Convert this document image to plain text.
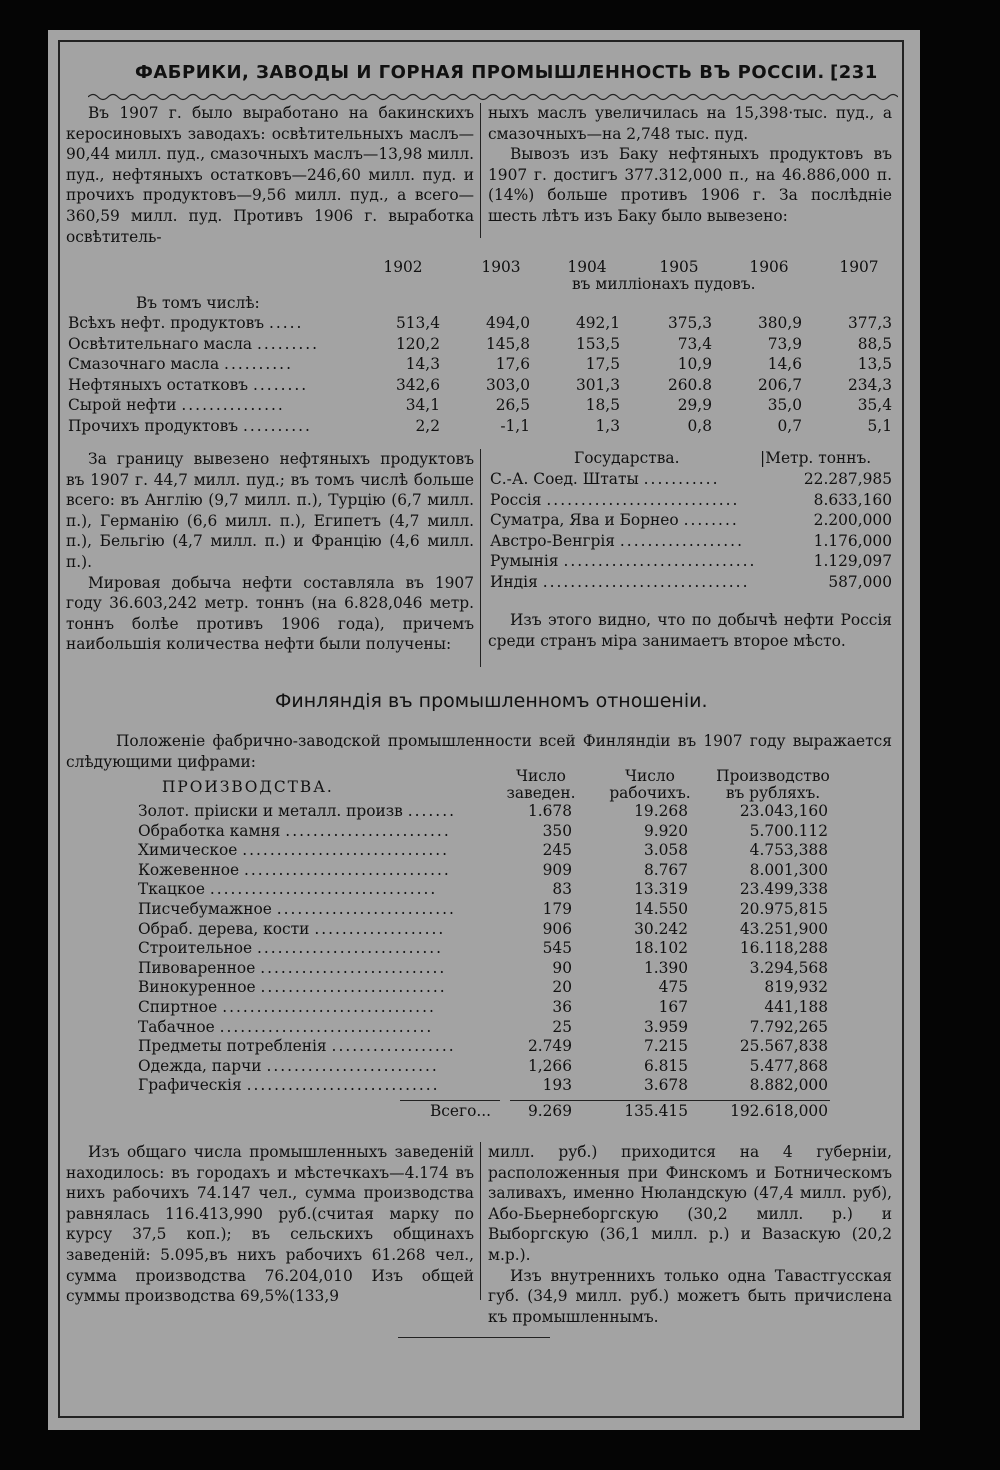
ФАБРИКИ, ЗАВОДЫ И ГОРНАЯ ПРОМЫШЛЕННОСТЬ ВЪ РОССІИ. [231

Въ 1907 г. было выработано на бакинскихъ керосиновыхъ заводахъ: освѣтительныхъ маслъ—90,44 милл. пуд., смазочныхъ маслъ—13,98 милл. пуд., нефтяныхъ остатковъ—246,60 милл. пуд. и прочихъ продуктовъ—9,56 милл. пуд., а всего—360,59 милл. пуд. Противъ 1906 г. выработка освѣтитель-

ныхъ маслъ увеличилась на 15,398·тыс. пуд., а смазочныхъ—на 2,748 тыс. пуд.

Вывозъ изъ Баку нефтяныхъ продуктовъ въ 1907 г. достигъ 377.312,000 п., на 46.886,000 п. (14%) больше противъ 1906 г. За послѣдніе шесть лѣтъ изъ Баку было вывезено:

1902	1903	1904	1905	1906	1907
въ милліонахъ пудовъ.
Въ томъ числѣ:
Всѣхъ нефт. продуктовъ .....	513,4	494,0	492,1	375,3	380,9	377,3
Освѣтительнаго масла .........	120,2	145,8	153,5	73,4	73,9	88,5
Смазочнаго масла ..........	14,3	17,6	17,5	10,9	14,6	13,5
Нефтяныхъ остатковъ ........	342,6	303,0	301,3	260.8	206,7	234,3
Сырой нефти ...............	34,1	26,5	18,5	29,9	35,0	35,4
Прочихъ продуктовъ ..........	2,2	-1,1	1,3	0,8	0,7	5,1

За границу вывезено нефтяныхъ продуктовъ въ 1907 г. 44,7 милл. пуд.; въ томъ числѣ больше всего: въ Англію (9,7 милл. п.), Турцію (6,7 милл. п.), Германію (6,6 милл. п.), Египетъ (4,7 милл. п.), Бельгію (4,7 милл. п.) и Францію (4,6 милл. п.).

Мировая добыча нефти составляла въ 1907 году 36.603,242 метр. тоннъ (на 6.828,046 метр. тоннъ болѣе противъ 1906 года), причемъ наибольшія количества нефти были получены:

Государства.	|Метр. тоннъ.
С.-А. Соед. Штаты ...........	22.287,985
Россія ............................	8.633,160
Суматра, Ява и Борнео ........	2.200,000
Австро-Венгрія ..................	1.176,000
Румынія ............................	1.129,097
Индія ..............................	587,000

Изъ этого видно, что по добычѣ нефти Россія среди странъ міра занимаетъ второе мѣсто.

Финляндія въ промышленномъ отношеніи.

Положеніе фабрично-заводской промышленности всей Финляндіи въ 1907 году выражается слѣдующими цифрами:

ПРОИЗВОДСТВА.
Число
заведен.
Число
рабочихъ.
Производство
въ рубляхъ.
Золот. пріиски и металл. произв .......	1.678	19.268	23.043,160
Обработка камня ........................	350	9.920	5.700.112
Химическое ..............................	245	3.058	4.753,388
Кожевенное ..............................	909	8.767	8.001,300
Ткацкое .................................	83	13.319	23.499,338
Писчебумажное ..........................	179	14.550	20.975,815
Обраб. дерева, кости ...................	906	30.242	43.251,900
Строительное ...........................	545	18.102	16.118,288
Пивоваренное ...........................	90	1.390	3.294,568
Винокуренное ...........................	20	475	819,932
Спиртное ...............................	36	167	441,188
Табачное ...............................	25	3.959	7.792,265
Предметы потребленія ..................	2.749	7.215	25.567,838
Одежда, парчи .........................	1,266	6.815	5.477,868
Графическія ............................	193	3.678	8.882,000
Всего...	9.269	135.415	192.618,000

Изъ общаго числа промышленныхъ заведеній находилось: въ городахъ и мѣстечкахъ—4.174 въ нихъ рабочихъ 74.147 чел., сумма производства равнялась 116.413,990 руб.(считая марку по курсу 37,5 коп.); въ сельскихъ общинахъ заведеній: 5.095,въ нихъ рабочихъ 61.268 чел., сумма производства 76.204,010 Изъ общей суммы производства 69,5%(133,9

милл. руб.) приходится на 4 губерніи, расположенныя при Финскомъ и Ботническомъ заливахъ, именно Нюландскую (47,4 милл. руб), Або-Бьернеборгскую (30,2 милл. р.) и Выборгскую (36,1 милл. р.) и Вазаскую (20,2 м.р.).

Изъ внутреннихъ только одна Тавастгусская губ. (34,9 милл. руб.) можетъ быть причислена къ промышленнымъ.
